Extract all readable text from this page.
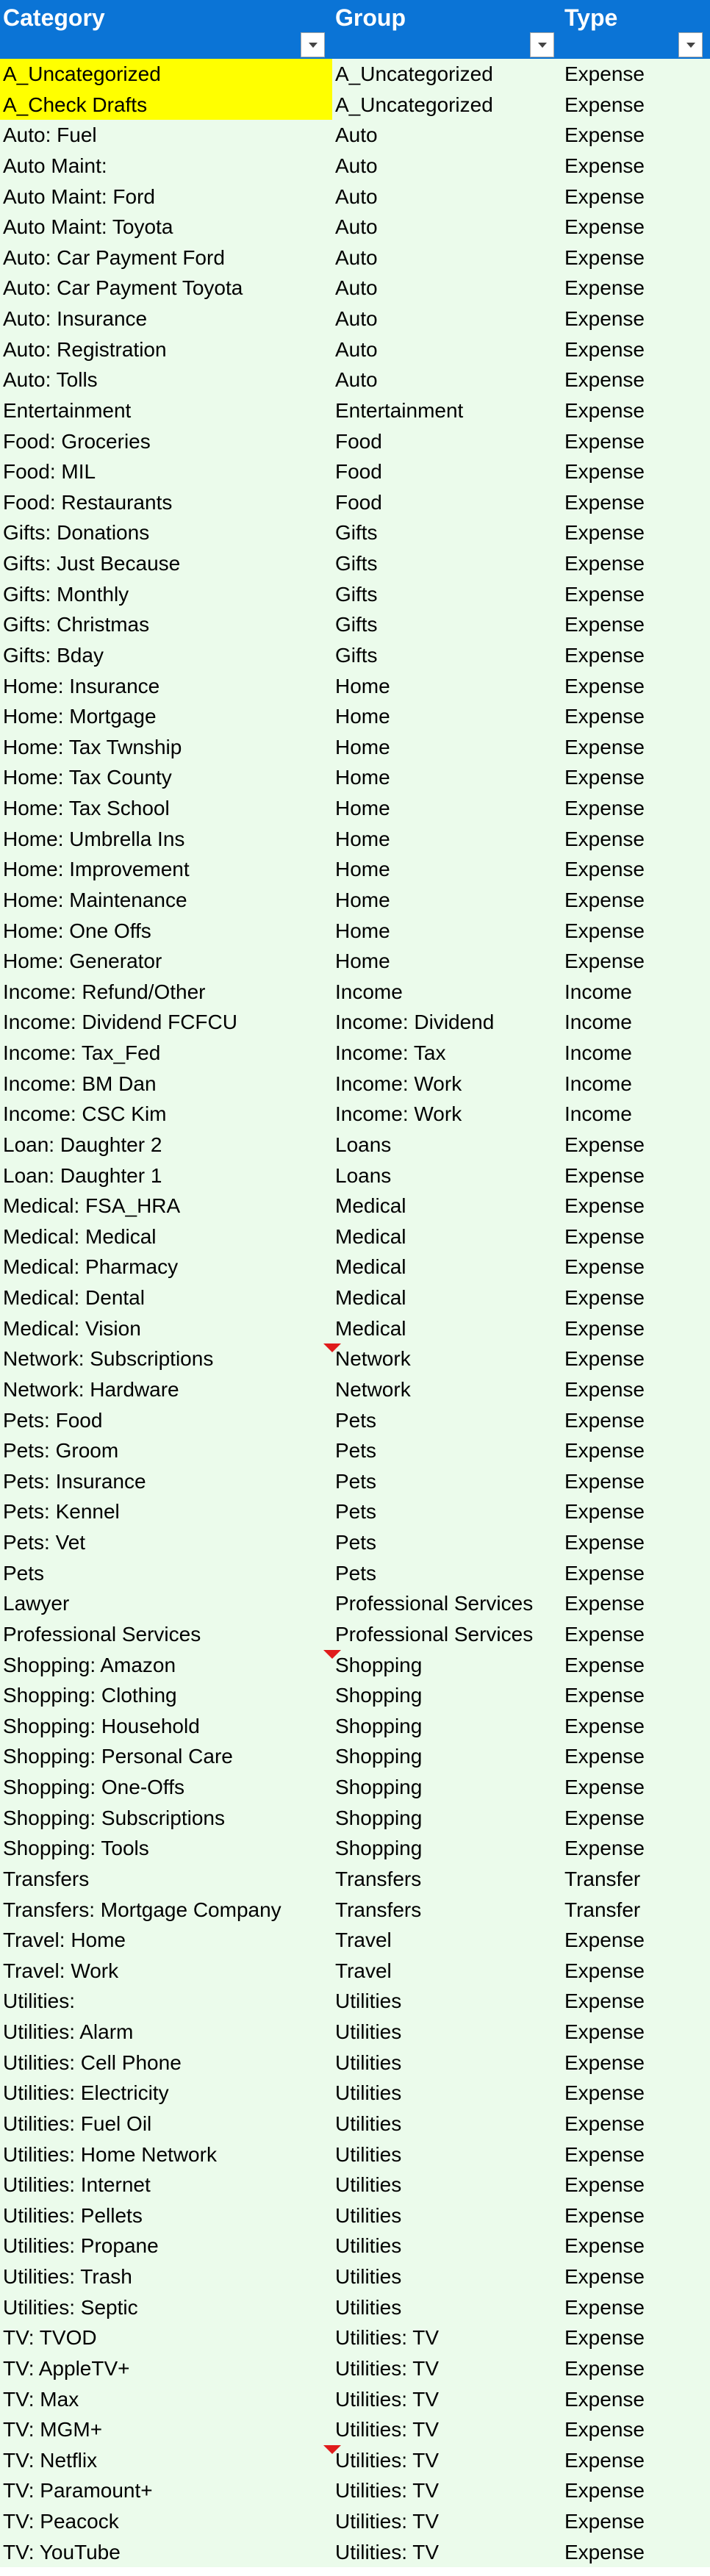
Category	Group	Type
A_Uncategorized	A_Uncategorized	Expense
A_Check Drafts	A_Uncategorized	Expense
Auto: Fuel	Auto	Expense
Auto Maint:	Auto	Expense
Auto Maint: Ford	Auto	Expense
Auto Maint: Toyota	Auto	Expense
Auto: Car Payment Ford	Auto	Expense
Auto: Car Payment Toyota	Auto	Expense
Auto: Insurance	Auto	Expense
Auto: Registration	Auto	Expense
Auto: Tolls	Auto	Expense
Entertainment	Entertainment	Expense
Food: Groceries	Food	Expense
Food: MIL	Food	Expense
Food: Restaurants	Food	Expense
Gifts: Donations	Gifts	Expense
Gifts: Just Because	Gifts	Expense
Gifts: Monthly	Gifts	Expense
Gifts: Christmas	Gifts	Expense
Gifts: Bday	Gifts	Expense
Home: Insurance	Home	Expense
Home: Mortgage	Home	Expense
Home: Tax Twnship	Home	Expense
Home: Tax County	Home	Expense
Home: Tax School	Home	Expense
Home: Umbrella Ins	Home	Expense
Home: Improvement	Home	Expense
Home: Maintenance	Home	Expense
Home: One Offs	Home	Expense
Home: Generator	Home	Expense
Income: Refund/Other	Income	Income
Income: Dividend FCFCU	Income: Dividend	Income
Income: Tax_Fed	Income: Tax	Income
Income: BM Dan	Income: Work	Income
Income: CSC Kim	Income: Work	Income
Loan: Daughter 2	Loans	Expense
Loan: Daughter 1	Loans	Expense
Medical: FSA_HRA	Medical	Expense
Medical: Medical	Medical	Expense
Medical: Pharmacy	Medical	Expense
Medical: Dental	Medical	Expense
Medical: Vision	Medical	Expense
Network: Subscriptions	Network	Expense
Network: Hardware	Network	Expense
Pets: Food	Pets	Expense
Pets: Groom	Pets	Expense
Pets: Insurance	Pets	Expense
Pets: Kennel	Pets	Expense
Pets: Vet	Pets	Expense
Pets	Pets	Expense
Lawyer	Professional Services	Expense
Professional Services	Professional Services	Expense
Shopping: Amazon	Shopping	Expense
Shopping: Clothing	Shopping	Expense
Shopping: Household	Shopping	Expense
Shopping: Personal Care	Shopping	Expense
Shopping: One-Offs	Shopping	Expense
Shopping: Subscriptions	Shopping	Expense
Shopping: Tools	Shopping	Expense
Transfers	Transfers	Transfer
Transfers: Mortgage Company	Transfers	Transfer
Travel: Home	Travel	Expense
Travel: Work	Travel	Expense
Utilities:	Utilities	Expense
Utilities: Alarm	Utilities	Expense
Utilities: Cell Phone	Utilities	Expense
Utilities: Electricity	Utilities	Expense
Utilities: Fuel Oil	Utilities	Expense
Utilities: Home Network	Utilities	Expense
Utilities: Internet	Utilities	Expense
Utilities: Pellets	Utilities	Expense
Utilities: Propane	Utilities	Expense
Utilities: Trash	Utilities	Expense
Utilities: Septic	Utilities	Expense
TV: TVOD	Utilities: TV	Expense
TV: AppleTV+	Utilities: TV	Expense
TV: Max	Utilities: TV	Expense
TV: MGM+	Utilities: TV	Expense
TV: Netflix	Utilities: TV	Expense
TV: Paramount+	Utilities: TV	Expense
TV: Peacock	Utilities: TV	Expense
TV: YouTube	Utilities: TV	Expense
